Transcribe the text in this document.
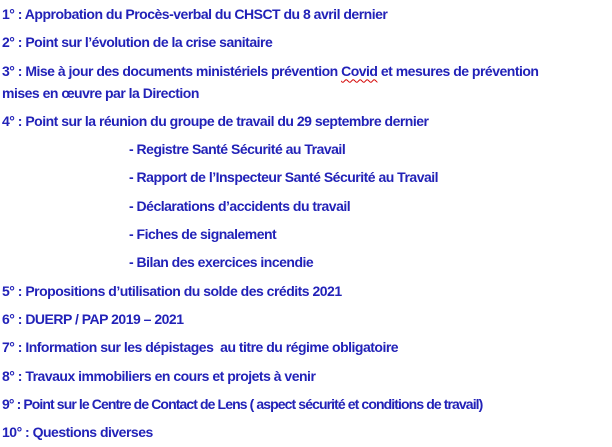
1° : Approbation du Procès-verbal du CHSCT du 8 avril dernier

2° : Point sur l’évolution de la crise sanitaire

3° : Mise à jour des documents ministériels prévention Covid et mesures de prévention
mises en œuvre par la Direction

4° : Point sur la réunion du groupe de travail du 29 septembre dernier

- Registre Santé Sécurité au Travail

- Rapport de l’Inspecteur Santé Sécurité au Travail

- Déclarations d’accidents du travail

- Fiches de signalement

- Bilan des exercices incendie

5° : Propositions d’utilisation du solde des crédits 2021

6° : DUERP / PAP 2019 – 2021

7° : Information sur les dépistages  au titre du régime obligatoire

8° : Travaux immobiliers en cours et projets à venir

9° : Point sur le Centre de Contact de Lens ( aspect sécurité et conditions de travail)

10° : Questions diverses
